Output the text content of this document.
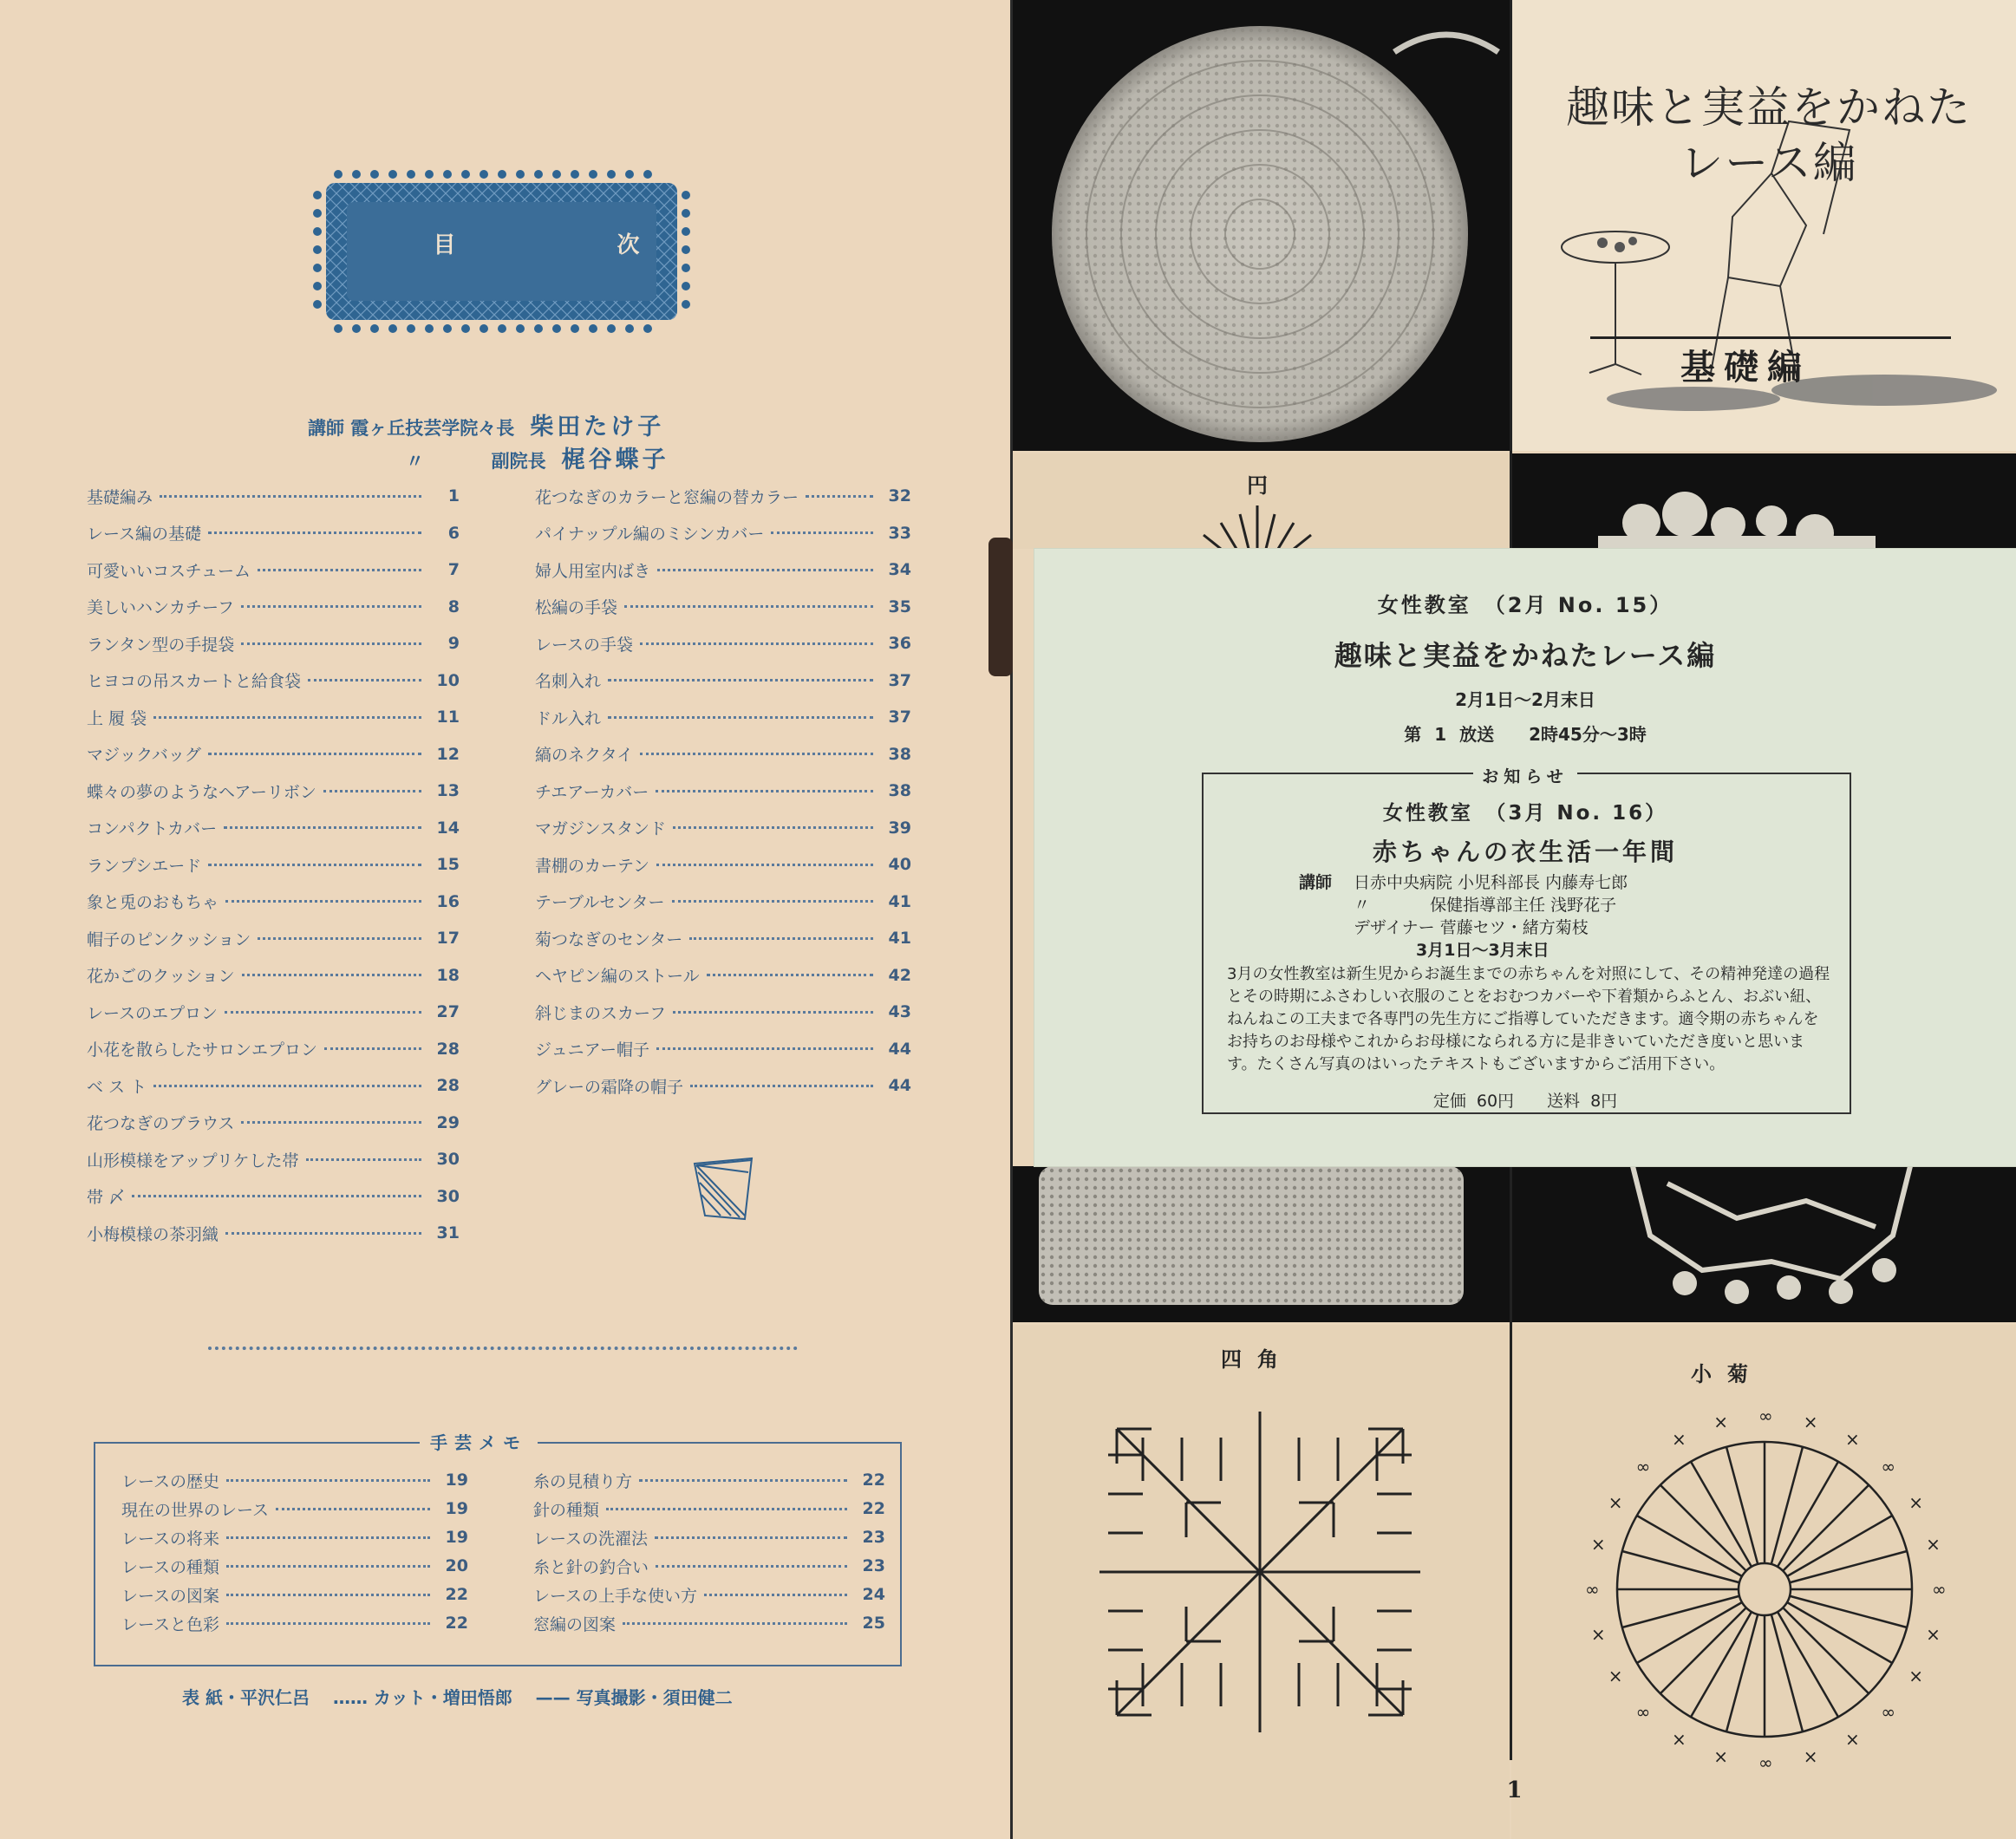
目　次
講師 霞ヶ丘技芸学院々長 柴田たけ子
〃 　　　 副院長 梶谷蝶子
基礎編み	1
レース編の基礎	6
可愛いいコスチューム	7
美しいハンカチーフ	8
ランタン型の手提袋	9
ヒヨコの吊スカートと給食袋	10
上 履 袋	11
マジックバッグ	12
蝶々の夢のようなヘアーリボン	13
コンパクトカバー	14
ランプシエード	15
象と兎のおもちゃ	16
帽子のピンクッション	17
花かごのクッション	18
レースのエプロン	27
小花を散らしたサロンエプロン	28
ベ ス ト	28
花つなぎのブラウス	29
山形模様をアップリケした帯	30
帯 〆	30
小梅模様の茶羽織	31
花つなぎのカラーと窓編の替カラー	32
パイナップル編のミシンカバー	33
婦人用室内ばき	34
松編の手袋	35
レースの手袋	36
名刺入れ	37
ドル入れ	37
縞のネクタイ	38
チエアーカバー	38
マガジンスタンド	39
書棚のカーテン	40
テーブルセンター	41
菊つなぎのセンター	41
ヘヤピン編のストール	42
斜じまのスカーフ	43
ジュニアー帽子	44
グレーの霜降の帽子	44
手芸メモ
レースの歴史	19
現在の世界のレース	19
レースの将来	19
レースの種類	20
レースの図案	22
レースと色彩	22
糸の見積り方	22
針の種類	22
レースの洗濯法	23
糸と針の釣合い	23
レースの上手な使い方	24
窓編の図案	25
表 紙・平沢仁呂 …… カット・増田悟郎 —— 写真撮影・須田健二
趣味と実益をかねた
レース編
基礎編
円
四角
∞
×
×
∞
×
×
∞
×
×
∞
×
×
∞
×
×
∞
×
× ∞ ×
×
∞
×
×
小菊
1
女性教室　（2月 No. 15）
趣味と実益をかねたレース編
2月1日～2月末日
第 1 放送　　2時45分～3時
お知らせ
女性教室　（3月 No. 16）
赤ちゃんの衣生活一年間
講師 日赤中央病院 小児科部長 内藤寿七郎
〃 　　　 保健指導部主任 浅野花子
デザイナー 菅藤セツ・緒方菊枝
3月1日～3月末日
3月の女性教室は新生児からお誕生までの赤ちゃんを対照にして、その精神発達の過程とその時期にふさわしい衣服のことをおむつカバーや下着類からふとん、おぶい紐、ねんねこの工夫まで各専門の先生方にご指導していただきます。適令期の赤ちゃんをお持ちのお母様やこれからお母様になられる方に是非きいていただき度いと思います。たくさん写真のはいったテキストもございますからご活用下さい。
定価 60円　　送料 8円
